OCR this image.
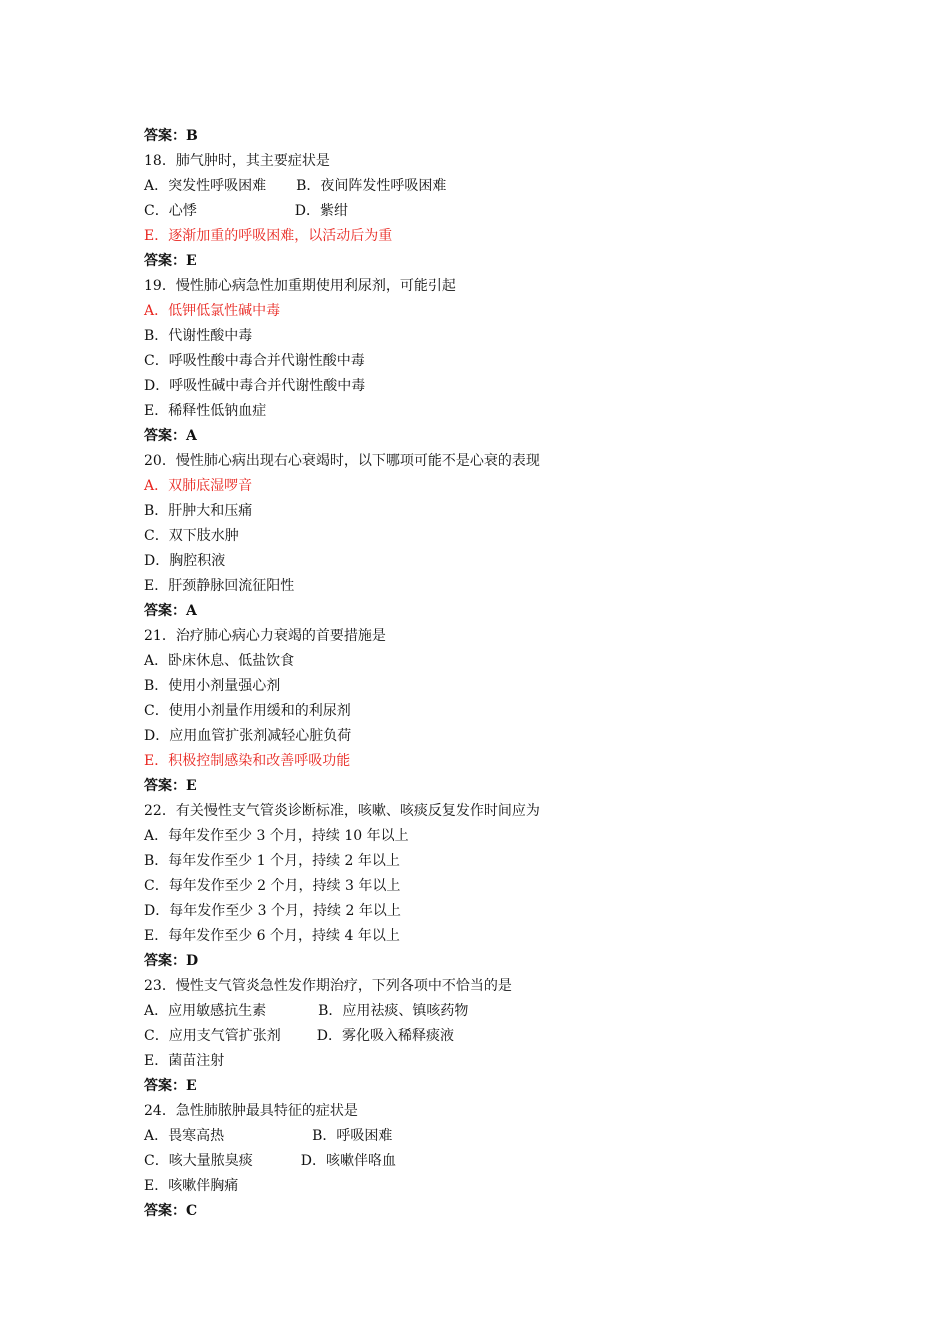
答案：B
18．肺气肿时，其主要症状是
A．突发性呼吸困难 B．夜间阵发性呼吸困难
C．心悸	D．紫绀
E．逐渐加重的呼吸困难，以活动后为重
答案：E
19．慢性肺心病急性加重期使用利尿剂，可能引起
A．低钾低氯性碱中毒
B．代谢性酸中毒
C．呼吸性酸中毒合并代谢性酸中毒
D．呼吸性碱中毒合并代谢性酸中毒
E．稀释性低钠血症
答案：A
20．慢性肺心病出现右心衰竭时，以下哪项可能不是心衰的表现
A．双肺底湿啰音
B．肝肿大和压痛
C．双下肢水肿
D．胸腔积液
E．肝颈静脉回流征阳性
答案：A
21．治疗肺心病心力衰竭的首要措施是
A．卧床休息、低盐饮食
B．使用小剂量强心剂
C．使用小剂量作用缓和的利尿剂
D．应用血管扩张剂减轻心脏负荷
E．积极控制感染和改善呼吸功能
答案：E
22．有关慢性支气管炎诊断标准，咳嗽、咳痰反复发作时间应为
A．每年发作至少 3 个月，持续 10 年以上
B．每年发作至少 1 个月，持续 2 年以上
C．每年发作至少 2 个月，持续 3 年以上
D．每年发作至少 3 个月，持续 2 年以上
E．每年发作至少 6 个月，持续 4 年以上
答案：D
23．慢性支气管炎急性发作期治疗，下列各项中不恰当的是
A．应用敏感抗生素	B．应用祛痰、镇咳药物
C．应用支气管扩张剂	D．雾化吸入稀释痰液
E．菌苗注射
答案：E
24．急性肺脓肿最具特征的症状是
A．畏寒高热	B．呼吸困难
C．咳大量脓臭痰	D．咳嗽伴咯血
E．咳嗽伴胸痛
答案：C
